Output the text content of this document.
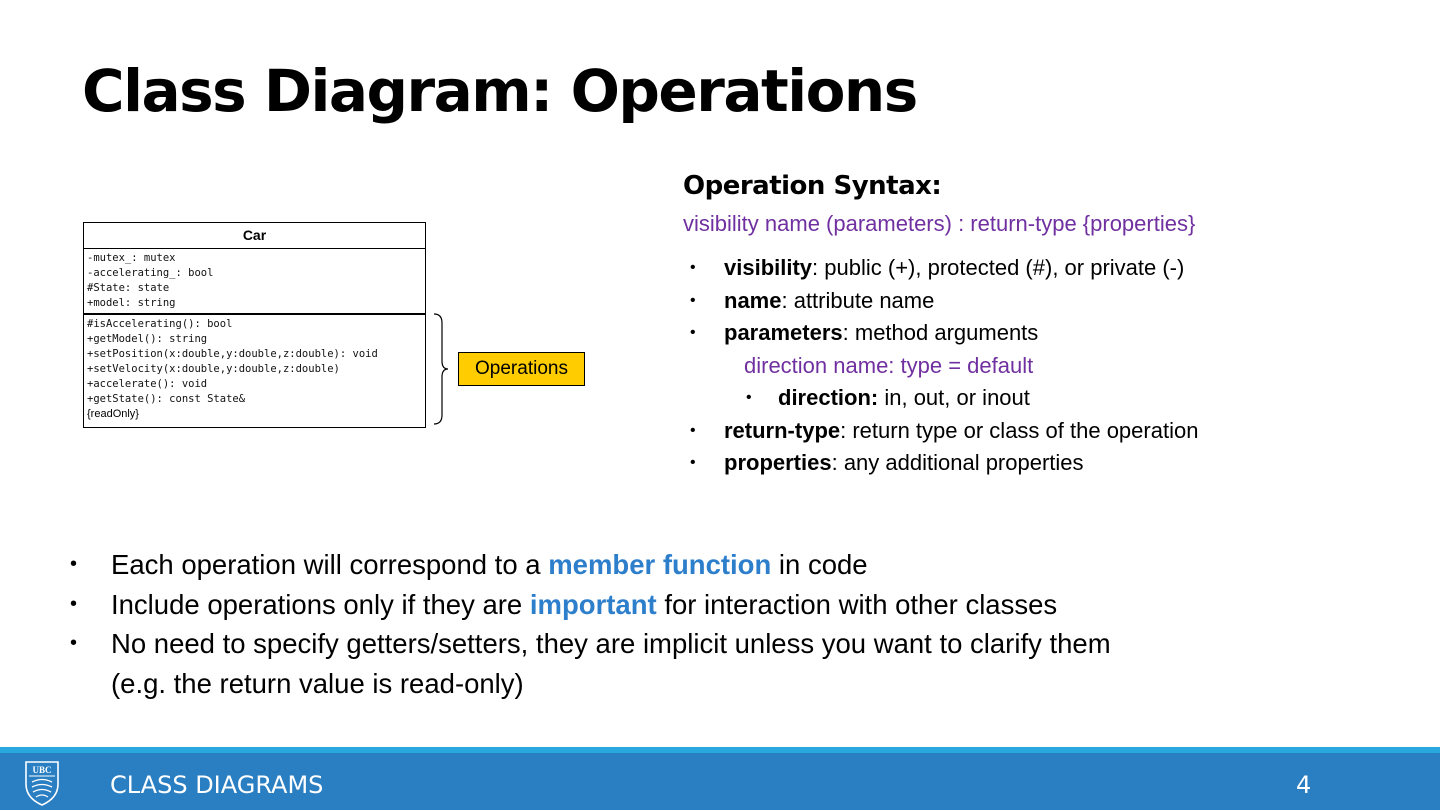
Class Diagram: Operations
Car
-mutex_: mutex
-accelerating_: bool
#State: state
+model: string
#isAccelerating(): bool
+getModel(): string
+setPosition(x:double,y:double,z:double): void
+setVelocity(x:double,y:double,z:double)
+accelerate(): void
+getState(): const State&
{readOnly}
Operations
Operation Syntax:
visibility name (parameters) : return-type {properties}
• visibility: public (+), protected (#), or private (-)
• name: attribute name
• parameters: method arguments
direction name: type = default
• direction: in, out, or inout
• return-type: return type or class of the operation
• properties: any additional properties
• Each operation will correspond to a member function in code
• Include operations only if they are important for interaction with other classes
• No need to specify getters/setters, they are implicit unless you want to clarify them
(e.g. the return value is read-only)
UBC
CLASS DIAGRAMS	4
